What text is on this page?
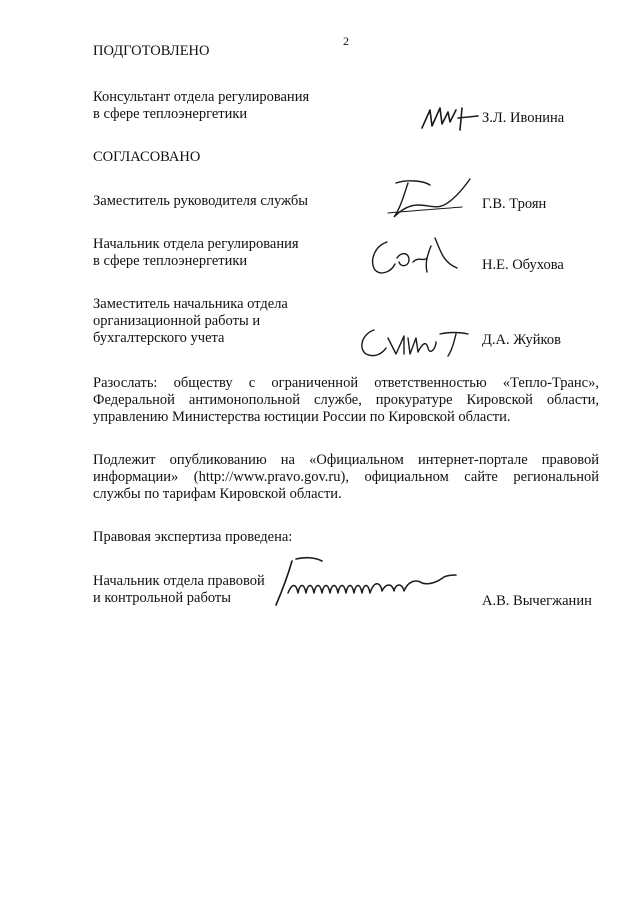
2
ПОДГОТОВЛЕНО
Консультант отдела регулирования
в сфере теплоэнергетики	З.Л. Ивонина
СОГЛАСОВАНО
Заместитель руководителя службы	Г.В. Троян
Начальник отдела регулирования
в сфере теплоэнергетики	Н.Е. Обухова
Заместитель начальника отдела
организационной работы и
бухгалтерского учета	Д.А. Жуйков
Разослать: обществу с ограниченной ответственностью «Тепло-Транс», Федеральной антимонопольной службе, прокуратуре Кировской области, управлению Министерства юстиции России по Кировской области.
Подлежит опубликованию на «Официальном интернет-портале правовой информации» (http://www.pravo.gov.ru), официальном сайте региональной службы по тарифам Кировской области.
Правовая экспертиза проведена:
Начальник отдела правовой
и контрольной работы	А.В. Вычегжанин
